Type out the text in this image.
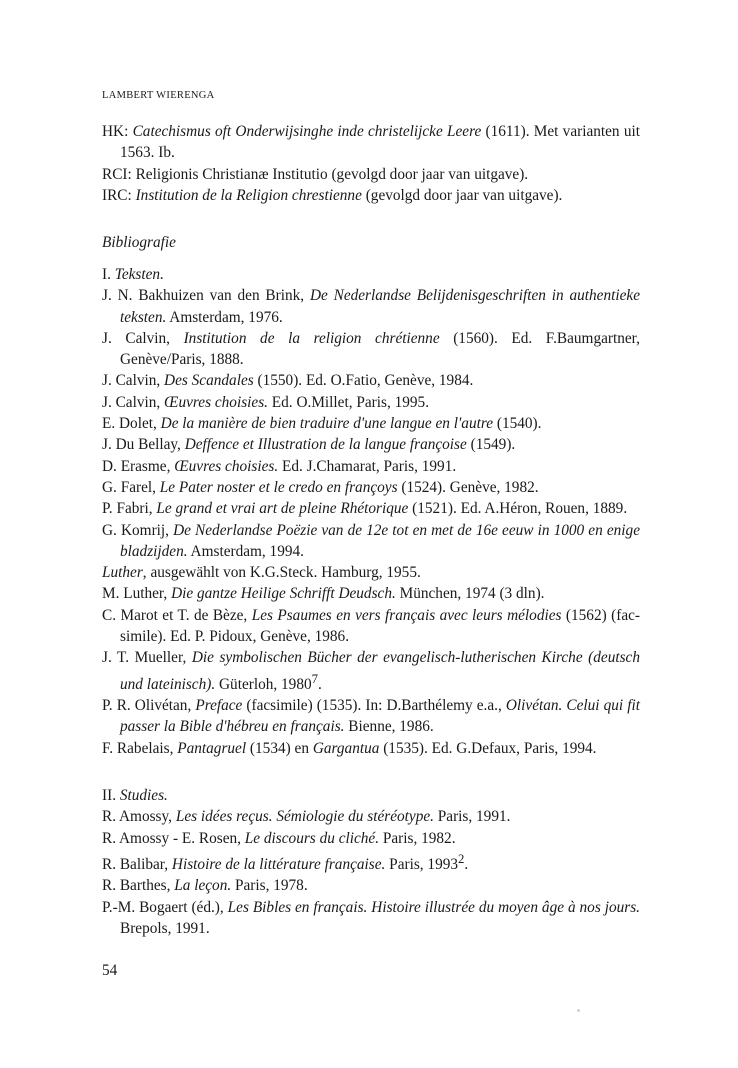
LAMBERT WIERENGA

HK: Catechismus oft Onderwijsinghe inde christelijcke Leere (1611). Met varianten uit 1563. Ib.

RCI: Religionis Christianæ Institutio (gevolgd door jaar van uitgave).

IRC: Institution de la Religion chrestienne (gevolgd door jaar van uitgave).

Bibliografie

I. Teksten.

J. N. Bakhuizen van den Brink, De Nederlandse Belijdenisgeschriften in authentieke teksten. Amsterdam, 1976.

J. Calvin, Institution de la religion chrétienne (1560). Ed. F.Baumgartner, Genève/Paris, 1888.

J. Calvin, Des Scandales (1550). Ed. O.Fatio, Genève, 1984.

J. Calvin, Œuvres choisies. Ed. O.Millet, Paris, 1995.

E. Dolet, De la manière de bien traduire d'une langue en l'autre (1540).

J. Du Bellay, Deffence et Illustration de la langue françoise (1549).

D. Erasme, Œuvres choisies. Ed. J.Chamarat, Paris, 1991.

G. Farel, Le Pater noster et le credo en françoys (1524). Genève, 1982.

P. Fabri, Le grand et vrai art de pleine Rhétorique (1521). Ed. A.Héron, Rouen, 1889.

G. Komrij, De Nederlandse Poëzie van de 12e tot en met de 16e eeuw in 1000 en enige bladzijden. Amsterdam, 1994.

Luther, ausgewählt von K.G.Steck. Hamburg, 1955.

M. Luther, Die gantze Heilige Schrifft Deudsch. München, 1974 (3 dln).

C. Marot et T. de Bèze, Les Psaumes en vers français avec leurs mélodies (1562) (fac-simile). Ed. P. Pidoux, Genève, 1986.

J. T. Mueller, Die symbolischen Bücher der evangelisch-lutherischen Kirche (deutsch und lateinisch). Güterloh, 1980$^7$.

P. R. Olivétan, Preface (facsimile) (1535). In: D.Barthélemy e.a., Olivétan. Celui qui fit passer la Bible d'hébreu en français. Bienne, 1986.

F. Rabelais, Pantagruel (1534) en Gargantua (1535). Ed. G.Defaux, Paris, 1994.

II. Studies.

R. Amossy, Les idées reçus. Sémiologie du stéréotype. Paris, 1991.

R. Amossy - E. Rosen, Le discours du cliché. Paris, 1982.

R. Balibar, Histoire de la littérature française. Paris, 1993$^2$.

R. Barthes, La leçon. Paris, 1978.

P.-M. Bogaert (éd.), Les Bibles en français. Histoire illustrée du moyen âge à nos jours. Brepols, 1991.

54
